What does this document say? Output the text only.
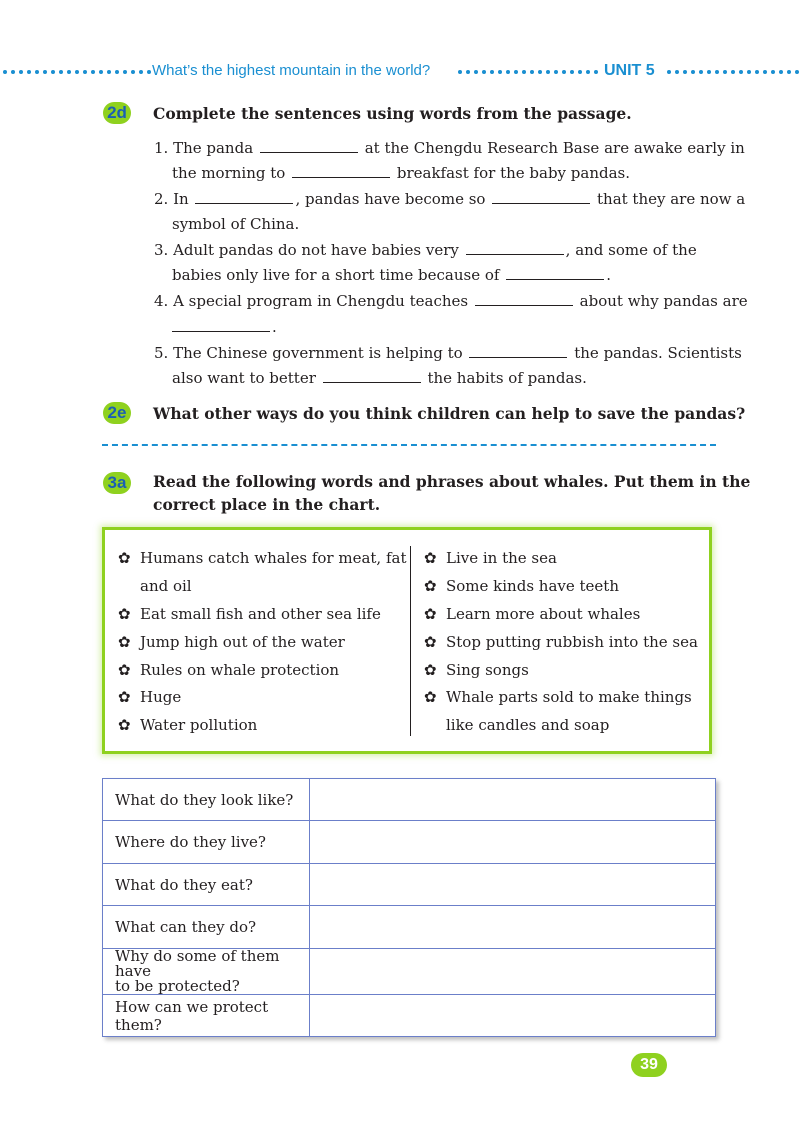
What’s the highest mountain in the world?	UNIT 5
2d Complete the sentences using words from the passage.
1. The panda	at the Chengdu Research Base are awake early in
the morning to	breakfast for the baby pandas.
2. In	, pandas have become so	that they are now a
symbol of China.
3. Adult pandas do not have babies very	, and some of the
babies only live for a short time because of	.
4. A special program in Chengdu teaches	about why pandas are
.
5. The Chinese government is helping to	the pandas. Scientists
also want to better	the habits of pandas.
2e What other ways do you think children can help to save the pandas?
3a Read the following words and phrases about whales. Put them in the
correct place in the chart.
✿ Humans catch whales for meat, fat
and oil
✿ Eat small fish and other sea life
✿ Jump high out of the water
✿ Rules on whale protection
✿ Huge
✿ Water pollution
✿ Live in the sea
✿ Some kinds have teeth
✿ Learn more about whales
✿ Stop putting rubbish into the sea
✿ Sing songs
✿ Whale parts sold to make things
like candles and soap
What do they look like?	
Where do they live?	
What do they eat?	
What can they do?	
Why do some of them have
to be protected?	
How can we protect them?	
39
